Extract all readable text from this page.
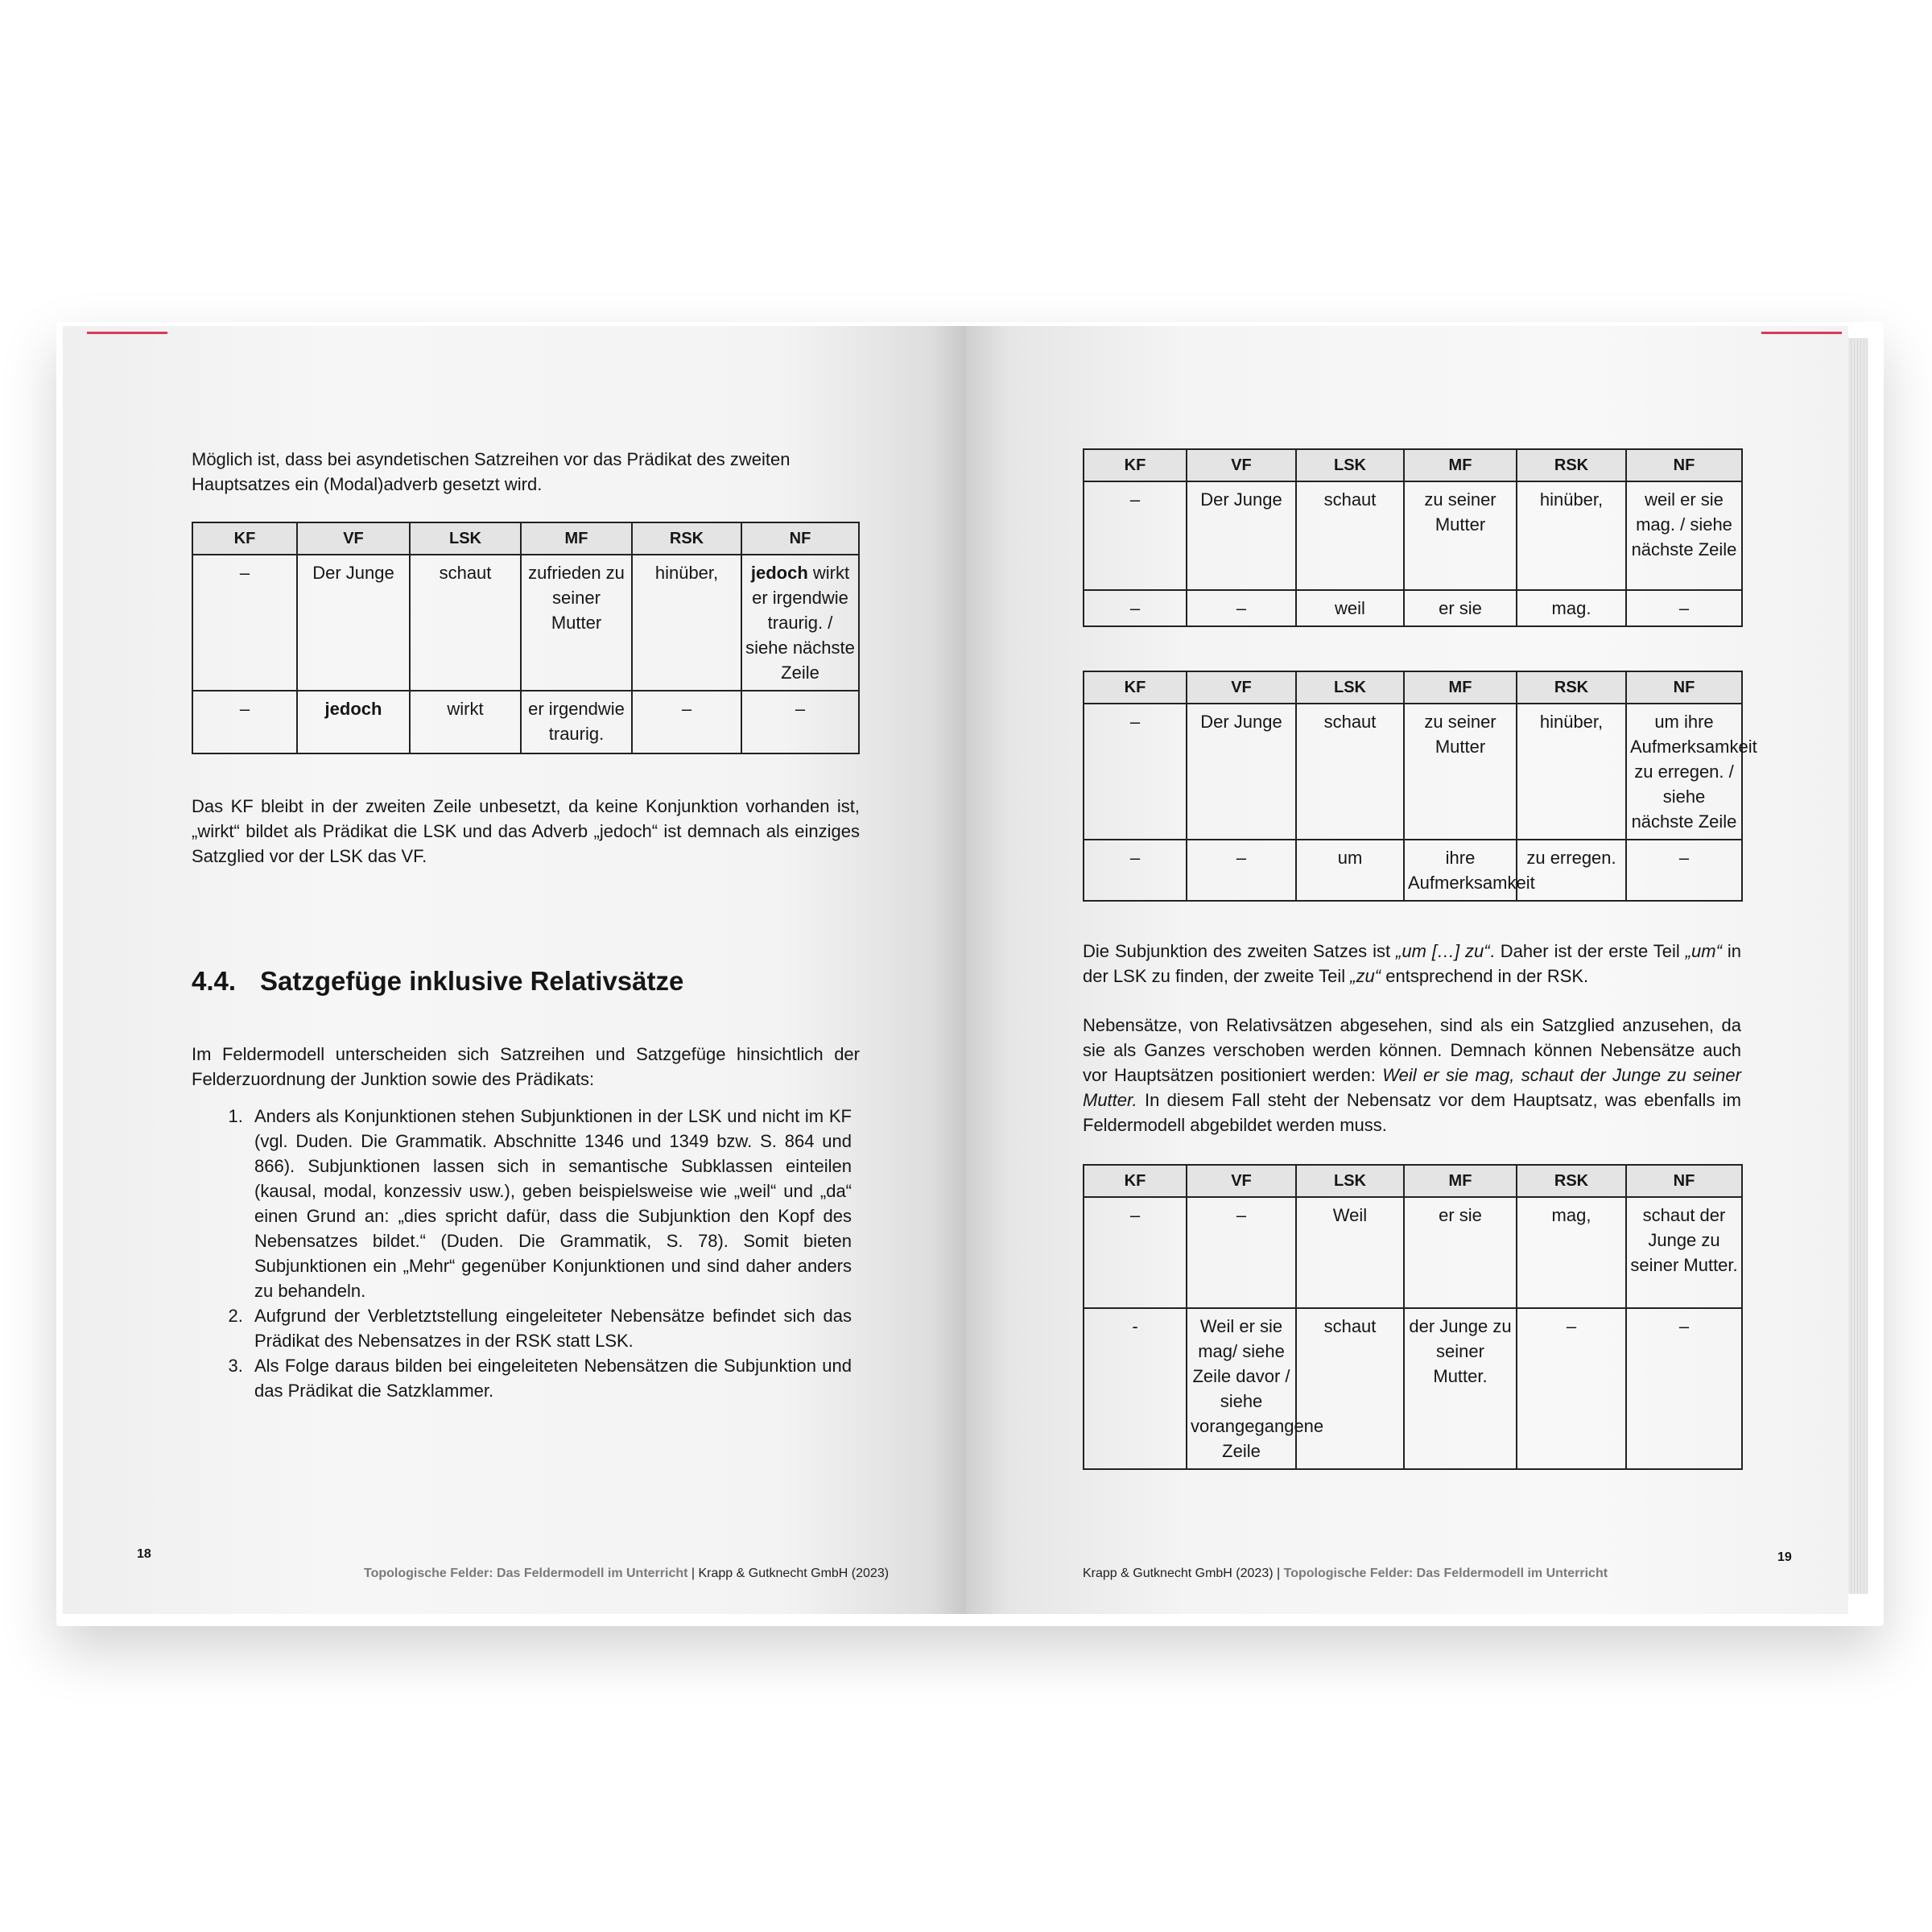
Möglich ist, dass bei asyndetischen Satzreihen vor das Prädikat des zweiten Hauptsatzes ein (Modal)adverb gesetzt wird.

KF	VF	LSK	MF	RSK	NF
–	Der Junge	schaut	zufrieden zu seiner Mutter	hinüber,	jedoch wirkt er irgendwie traurig. / siehe nächste Zeile
–	jedoch	wirkt	er irgendwie traurig.	–	–

Das KF bleibt in der zweiten Zeile unbesetzt, da keine Konjunktion vorhanden ist, „wirkt“ bildet als Prädikat die LSK und das Adverb „jedoch“ ist demnach als einziges Satzglied vor der LSK das VF.

4.4. Satzgefüge inklusive Relativsätze

Im Feldermodell unterscheiden sich Satzreihen und Satzgefüge hinsichtlich der Felderzuordnung der Junktion sowie des Prädikats:

1. Anders als Konjunktionen stehen Subjunktionen in der LSK und nicht im KF (vgl. Duden. Die Grammatik. Abschnitte 1346 und 1349 bzw. S. 864 und 866). Subjunktionen lassen sich in semantische Subklassen einteilen (kausal, modal, konzessiv usw.), geben beispielsweise wie „weil“ und „da“ einen Grund an: „dies spricht dafür, dass die Subjunktion den Kopf des Nebensatzes bildet.“ (Duden. Die Grammatik, S. 78). Somit bieten Subjunktionen ein „Mehr“ gegenüber Konjunktionen und sind daher anders zu behandeln.
2. Aufgrund der Verbletztstellung eingeleiteter Nebensätze befindet sich das Prädikat des Nebensatzes in der RSK statt LSK.
3. Als Folge daraus bilden bei eingeleiteten Nebensätzen die Subjunktion und das Prädikat die Satzklammer.
18
Topologische Felder: Das Feldermodell im Unterricht | Krapp & Gutknecht GmbH (2023)
KF	VF	LSK	MF	RSK	NF
–	Der Junge	schaut	zu seiner Mutter	hinüber,	weil er sie mag. / siehe nächste Zeile
–	–	weil	er sie	mag.	–
KF	VF	LSK	MF	RSK	NF
–	Der Junge	schaut	zu seiner Mutter	hinüber,	um ihre Aufmerksamkeit zu erregen. / siehe nächste Zeile
–	–	um	ihre Aufmerksamkeit	zu erregen.	–

Die Subjunktion des zweiten Satzes ist „um […] zu“. Daher ist der erste Teil „um“ in der LSK zu finden, der zweite Teil „zu“ entsprechend in der RSK.

Nebensätze, von Relativsätzen abgesehen, sind als ein Satzglied anzusehen, da sie als Ganzes verschoben werden können. Demnach können Nebensätze auch vor Hauptsätzen positioniert werden: Weil er sie mag, schaut der Junge zu seiner Mutter. In diesem Fall steht der Nebensatz vor dem Hauptsatz, was ebenfalls im Feldermodell abgebildet werden muss.

KF	VF	LSK	MF	RSK	NF
–	–	Weil	er sie	mag,	schaut der Junge zu seiner Mutter.
-	Weil er sie mag/ siehe Zeile davor / siehe vorangegangene Zeile	schaut	der Junge zu seiner Mutter.	–	–
Krapp & Gutknecht GmbH (2023) | Topologische Felder: Das Feldermodell im Unterricht
19
